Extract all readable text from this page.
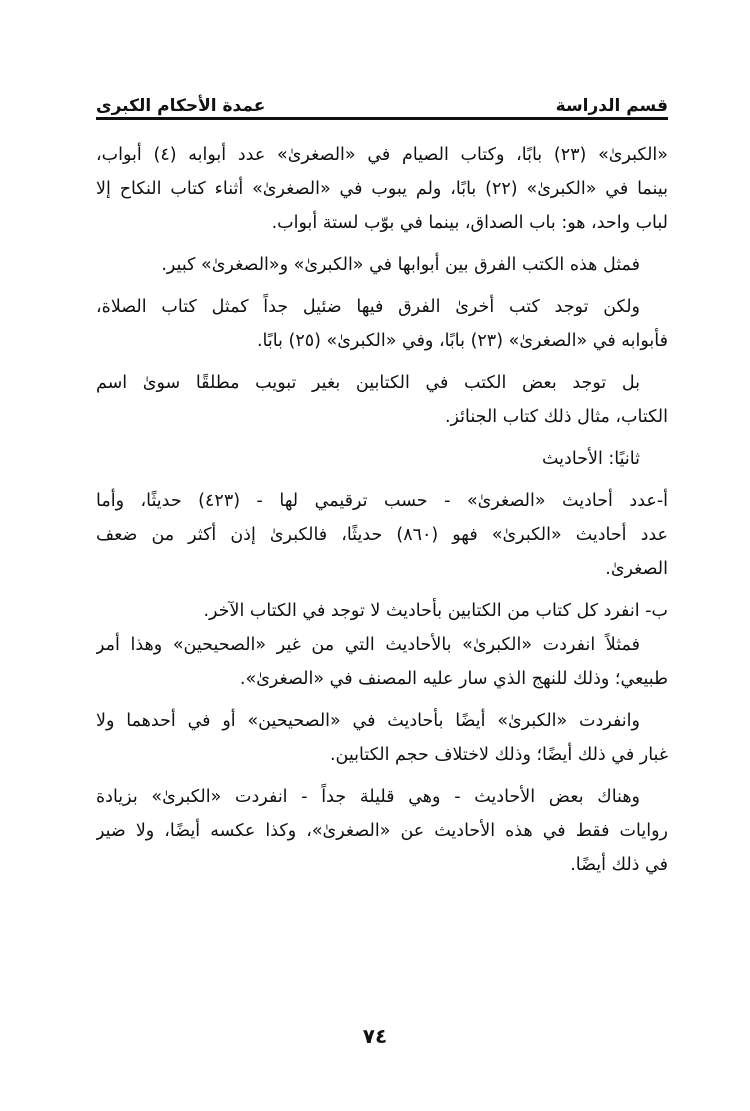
قسم الدراسة
عمدة الأحكام الكبرى
«الكبرىٰ» (٢٣) بابًا، وكتاب الصيام في «الصغرىٰ» عدد أبوابه (٤) أبواب،
بينما في «الكبرىٰ» (٢٢) بابًا، ولم يبوب في «الصغرىٰ» أثناء كتاب النكاح إلا
لباب واحد، هو: باب الصداق، بينما في بوّب لستة أبواب.
فمثل هذه الكتب الفرق بين أبوابها في «الكبرىٰ» و«الصغرىٰ» كبير.
ولكن توجد كتب أخرىٰ الفرق فيها ضئيل جداً كمثل كتاب الصلاة،
فأبوابه في «الصغرىٰ» (٢٣) بابًا، وفي «الكبرىٰ» (٢٥) بابًا.
بل توجد بعض الكتب في الكتابين بغير تبويب مطلقًا سوىٰ اسم
الكتاب، مثال ذلك كتاب الجنائز.
ثانيًا: الأحاديث
أ-عدد أحاديث «الصغرىٰ» - حسب ترقيمي لها - (٤٢٣) حديثًا، وأما
عدد أحاديث «الكبرىٰ» فهو (٨٦٠) حديثًا، فالكبرىٰ إذن أكثر من ضعف
الصغرىٰ.
ب- انفرد كل كتاب من الكتابين بأحاديث لا توجد في الكتاب الآخر.
فمثلاً انفردت «الكبرىٰ» بالأحاديث التي من غير «الصحيحين» وهذا أمر
طبيعي؛ وذلك للنهج الذي سار عليه المصنف في «الصغرىٰ».
وانفردت «الكبرىٰ» أيضًا بأحاديث في «الصحيحين» أو في أحدهما ولا
غبار في ذلك أيضًا؛ وذلك لاختلاف حجم الكتابين.
وهناك بعض الأحاديث - وهي قليلة جداً - انفردت «الكبرىٰ» بزيادة
روايات فقط في هذه الأحاديث عن «الصغرىٰ»، وكذا عكسه أيضًا، ولا ضير
في ذلك أيضًا.
٧٤
